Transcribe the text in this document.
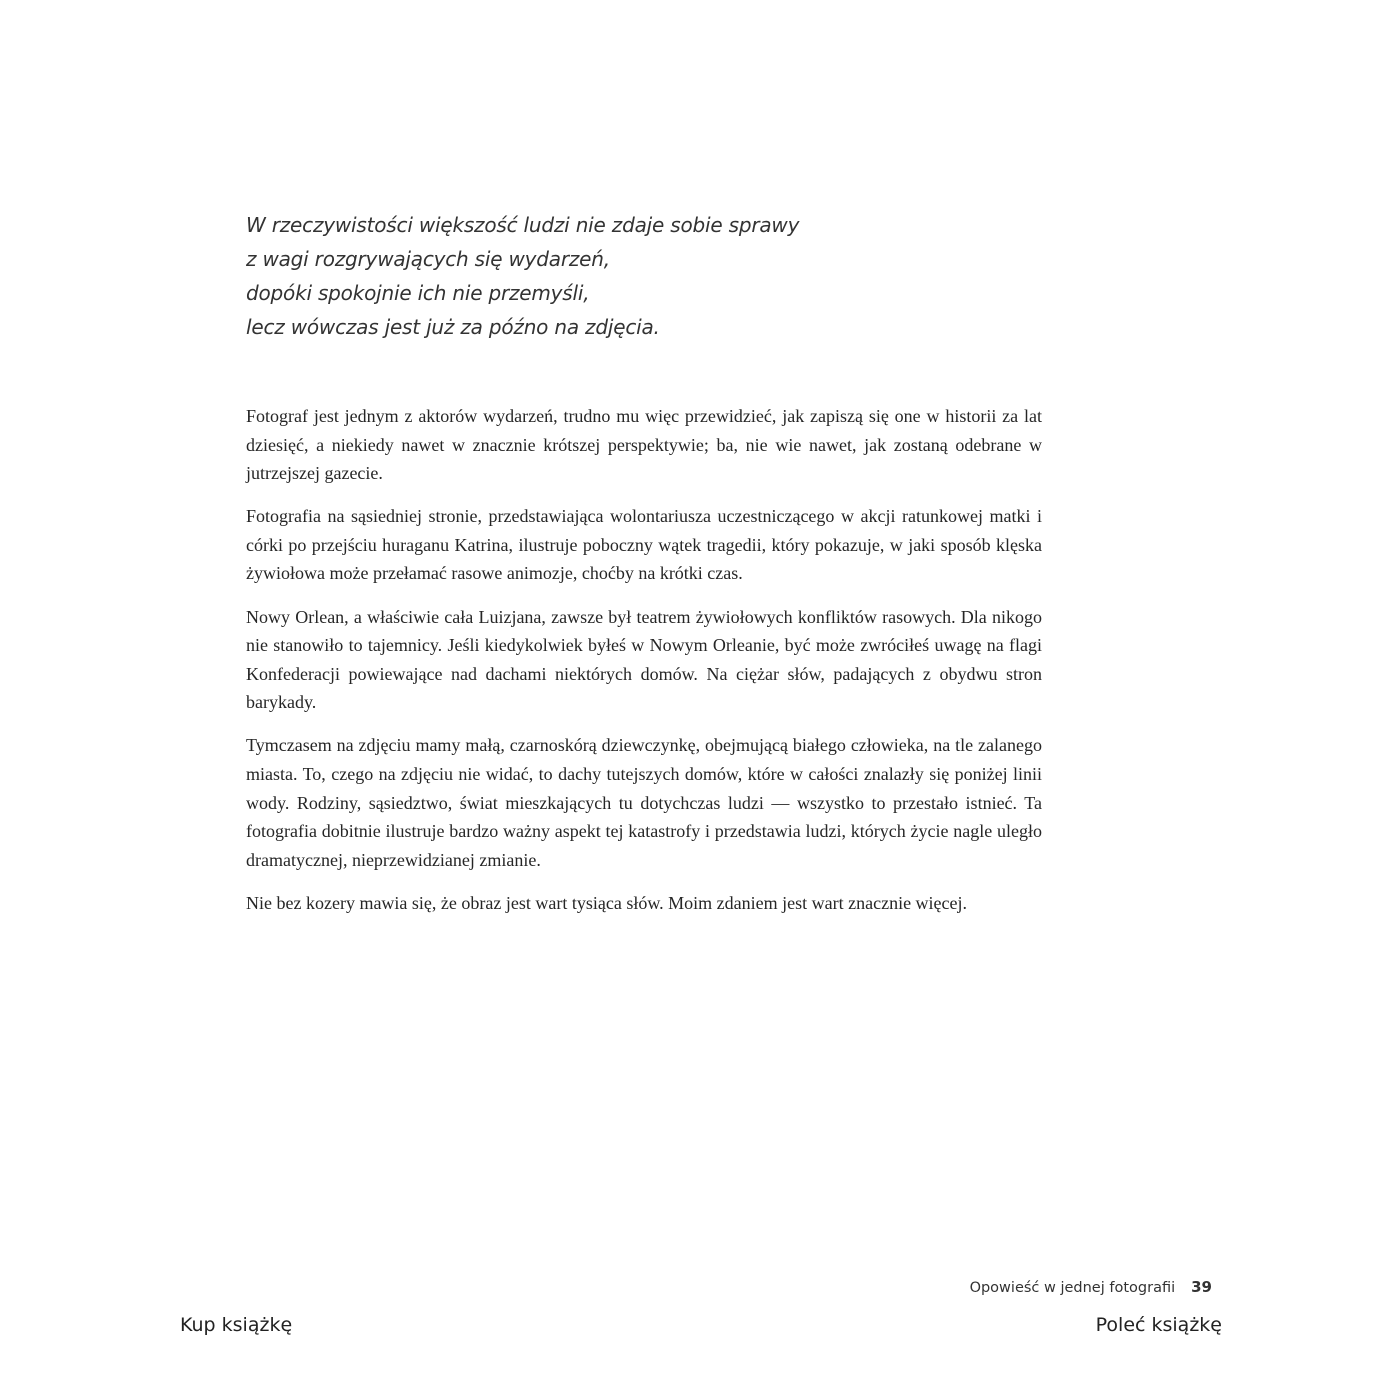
W rzeczywistości większość ludzi nie zdaje sobie sprawy
z wagi rozgrywających się wydarzeń,
dopóki spokojnie ich nie przemyśli,
lecz wówczas jest już za późno na zdjęcia.

Fotograf jest jednym z aktorów wydarzeń, trudno mu więc przewidzieć, jak zapiszą się one w historii za lat dziesięć, a niekiedy nawet w znacznie krótszej perspektywie; ba, nie wie nawet, jak zostaną odebrane w jutrzejszej gazecie.

Fotografia na sąsiedniej stronie, przedstawiająca wolontariusza uczestniczącego w akcji ratunkowej matki i córki po przejściu huraganu Katrina, ilustruje poboczny wątek tragedii, który pokazuje, w jaki sposób klęska żywiołowa może przełamać rasowe animozje, choćby na krótki czas.

Nowy Orlean, a właściwie cała Luizjana, zawsze był teatrem żywiołowych konfliktów rasowych. Dla nikogo nie stanowiło to tajemnicy. Jeśli kiedykolwiek byłeś w Nowym Orleanie, być może zwróciłeś uwagę na flagi Konfederacji powiewające nad dachami niektórych domów. Na ciężar słów, padających z obydwu stron barykady.

Tymczasem na zdjęciu mamy małą, czarnoskórą dziewczynkę, obejmującą białego człowieka, na tle zalanego miasta. To, czego na zdjęciu nie widać, to dachy tutejszych domów, które w całości znalazły się poniżej linii wody. Rodziny, sąsiedztwo, świat mieszkających tu dotychczas ludzi — wszystko to przestało istnieć. Ta fotografia dobitnie ilustruje bardzo ważny aspekt tej katastrofy i przedstawia ludzi, których życie nagle uległo dramatycznej, nieprzewidzianej zmianie.

Nie bez kozery mawia się, że obraz jest wart tysiąca słów. Moim zdaniem jest wart znacznie więcej.

Opowieść w jednej fotografii 39
Kup książkę	Poleć książkę
